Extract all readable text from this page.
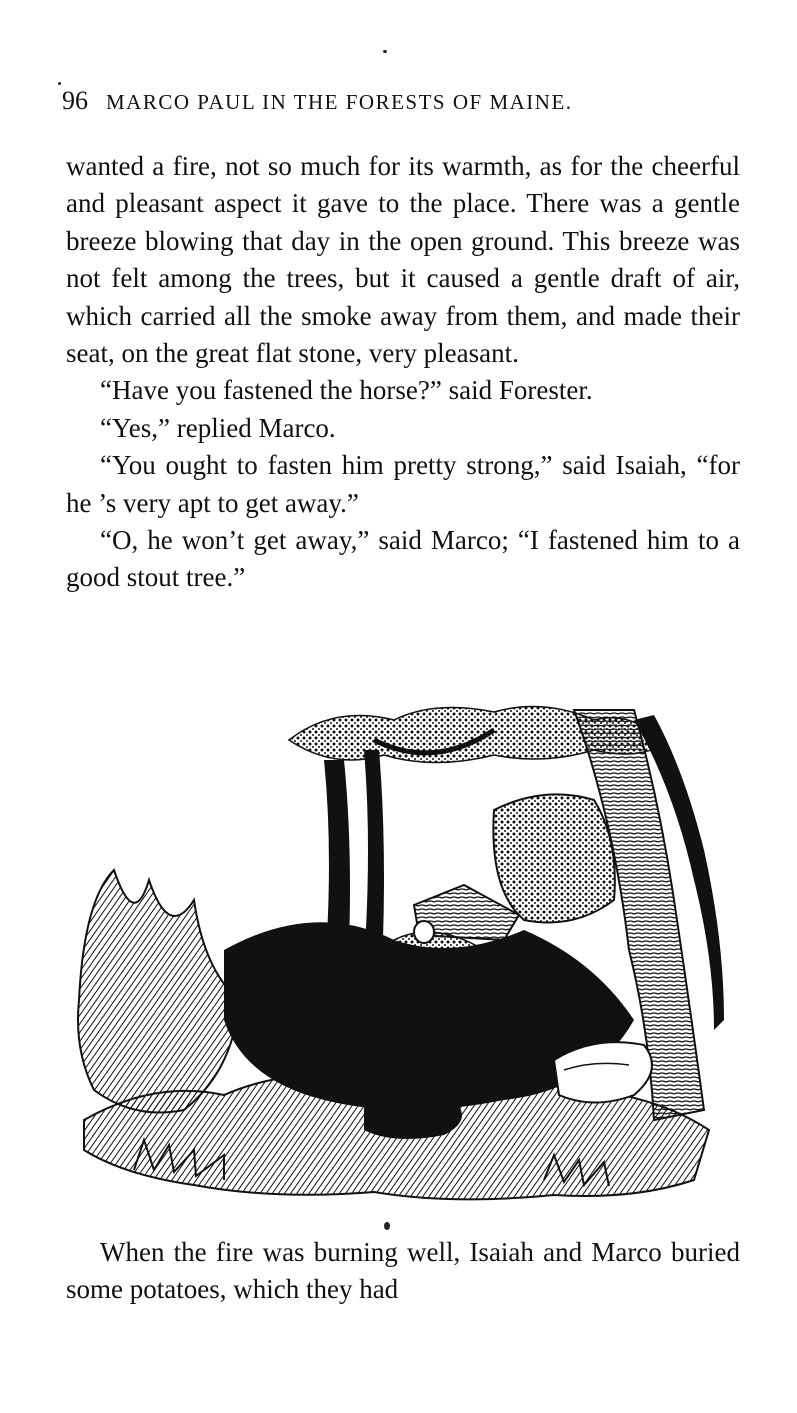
96 MARCO PAUL IN THE FORESTS OF MAINE.

wanted a fire, not so much for its warmth, as for the cheerful and pleasant aspect it gave to the place. There was a gentle breeze blowing that day in the open ground. This breeze was not felt among the trees, but it caused a gentle draft of air, which carried all the smoke away from them, and made their seat, on the great flat stone, very pleasant.

“Have you fastened the horse?” said Forester.

“Yes,” replied Marco.

“You ought to fasten him pretty strong,” said Isaiah, “for he ’s very apt to get away.”

“O, he won’t get away,” said Marco; “I fastened him to a good stout tree.”

When the fire was burning well, Isaiah and Marco buried some potatoes, which they had
